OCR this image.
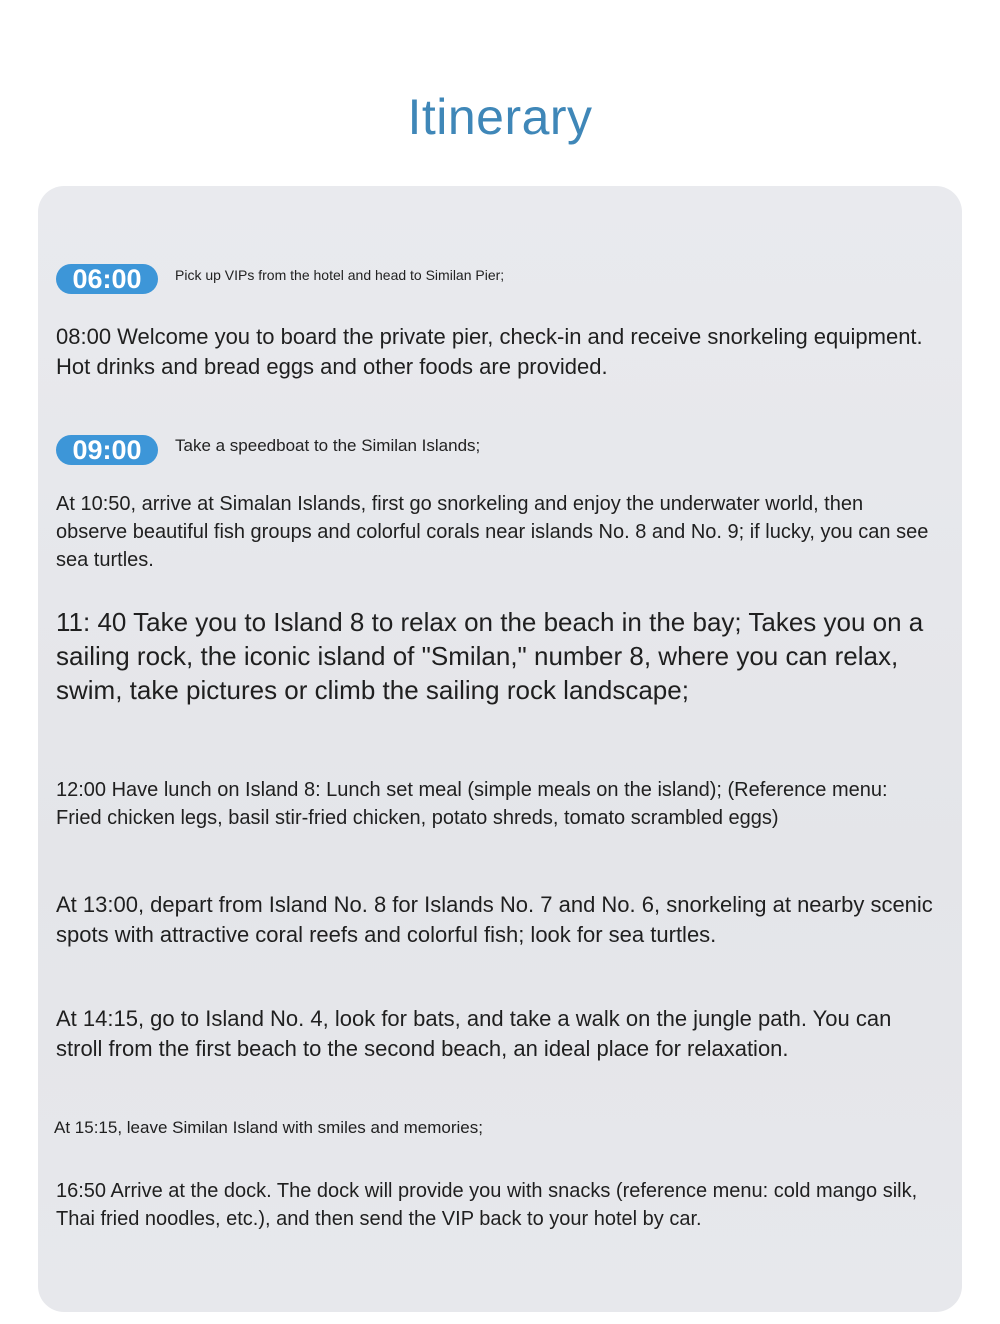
Itinerary
06:00	Pick up VIPs from the hotel and head to Similan Pier;
08:00 Welcome you to board the private pier, check-in and receive snorkeling equipment. Hot drinks and bread eggs and other foods are provided.
09:00	Take a speedboat to the Similan Islands;
At 10:50, arrive at Simalan Islands, first go snorkeling and enjoy the underwater world, then observe beautiful fish groups and colorful corals near islands No. 8 and No. 9; if lucky, you can see sea turtles.
11: 40 Take you to Island 8 to relax on the beach in the bay; Takes you on a sailing rock, the iconic island of "Smilan," number 8, where you can relax, swim, take pictures or climb the sailing rock landscape;
12:00 Have lunch on Island 8: Lunch set meal (simple meals on the island); (Reference menu: Fried chicken legs, basil stir-fried chicken, potato shreds, tomato scrambled eggs)
At 13:00, depart from Island No. 8 for Islands No. 7 and No. 6, snorkeling at nearby scenic spots with attractive coral reefs and colorful fish; look for sea turtles.
At 14:15, go to Island No. 4, look for bats, and take a walk on the jungle path. You can stroll from the first beach to the second beach, an ideal place for relaxation.
At 15:15, leave Similan Island with smiles and memories;
16:50 Arrive at the dock. The dock will provide you with snacks (reference menu: cold mango silk, Thai fried noodles, etc.), and then send the VIP back to your hotel by car.
